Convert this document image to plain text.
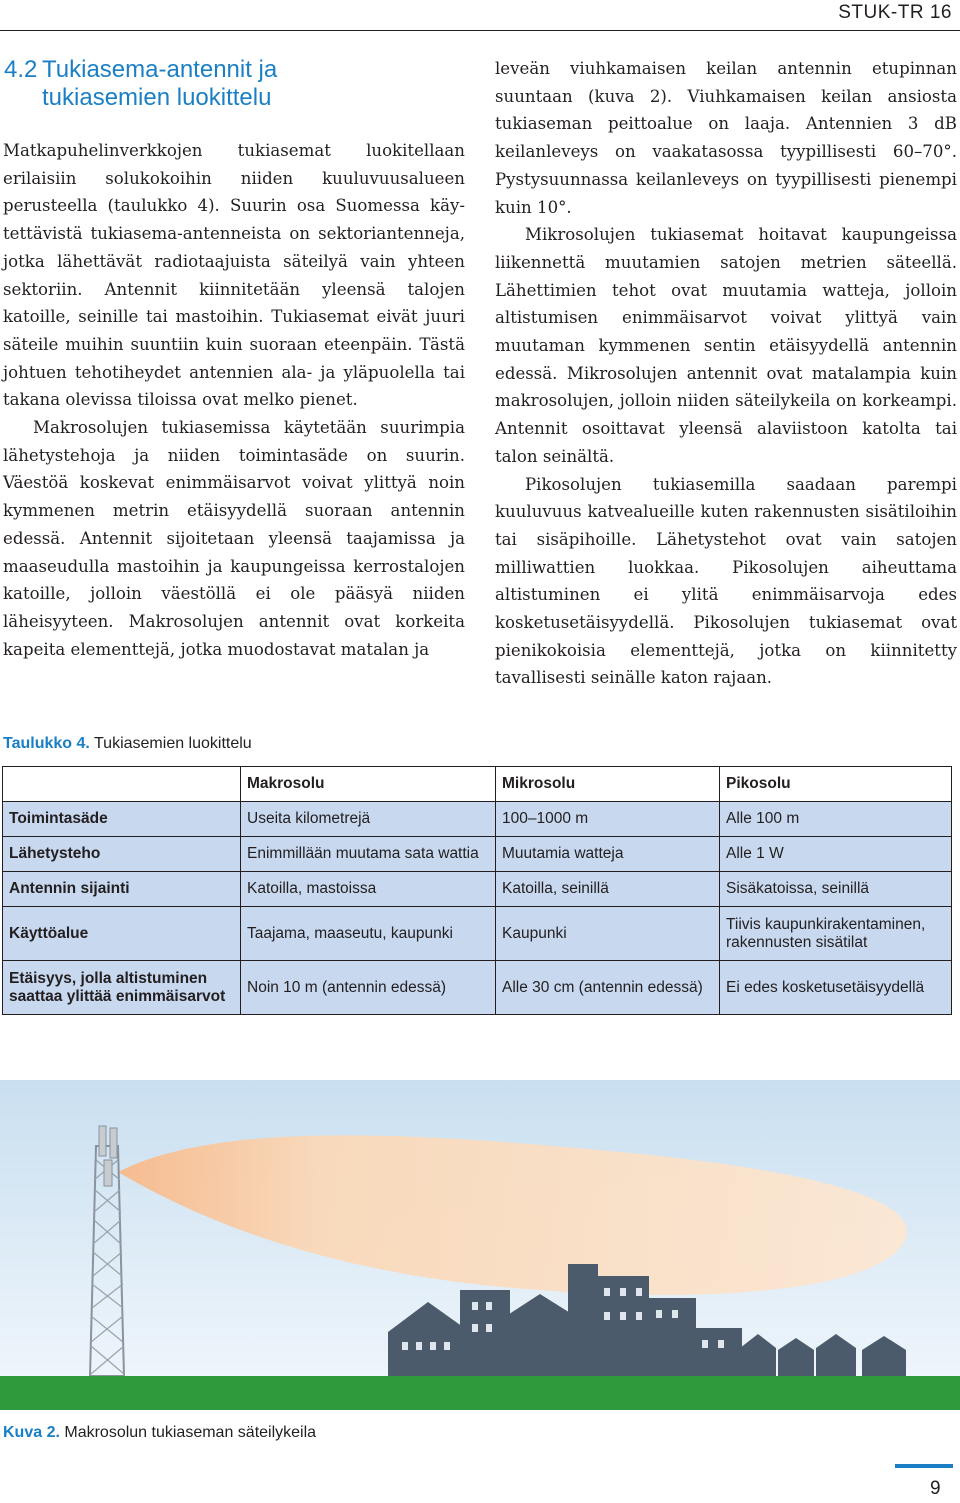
STUK-TR 16
4.2 Tukiasema-antennit ja
tukiasemien luokittelu

Matkapuhelinverkkojen tukiasemat luokitellaan erilaisiin solukokoihin niiden kuuluvuusalueen perusteella (taulukko 4). Suurin osa Suomessa käytettävistä tukiasema-antenneista on sektoriantenneja, jotka lähettävät radiotaajuista säteilyä vain yhteen sektoriin. Antennit kiinnitetään yleensä talojen katoille, seinille tai mastoihin. Tukiasemat eivät juuri säteile muihin suuntiin kuin suoraan eteenpäin. Tästä johtuen tehotiheydet antennien ala- ja yläpuolella tai takana olevissa tiloissa ovat melko pienet.

Makrosolujen tukiasemissa käytetään suurimpia lähetystehoja ja niiden toimintasäde on suurin. Väestöä koskevat enimmäisarvot voivat ylittyä noin kymmenen metrin etäisyydellä suoraan antennin edessä. Antennit sijoitetaan yleensä taajamissa ja maaseudulla mastoihin ja kaupungeissa kerrostalojen katoille, jolloin väestöllä ei ole pääsyä niiden läheisyyteen. Makrosolujen antennit ovat korkeita kapeita elementtejä, jotka muodostavat matalan ja

leveän viuhkamaisen keilan antennin etupinnan suuntaan (kuva 2). Viuhkamaisen keilan ansiosta tukiaseman peittoalue on laaja. Antennien 3 dB keilanleveys on vaakatasossa tyypillisesti 60–70°. Pystysuunnassa keilanleveys on tyypillisesti pienempi kuin 10°.

Mikrosolujen tukiasemat hoitavat kaupungeissa liikennettä muutamien satojen metrien säteellä. Lähettimien tehot ovat muutamia watteja, jolloin altistumisen enimmäisarvot voivat ylittyä vain muutaman kymmenen sentin etäisyydellä antennin edessä. Mikrosolujen antennit ovat matalampia kuin makrosolujen, jolloin niiden säteilykeila on korkeampi. Antennit osoittavat yleensä alaviistoon katolta tai talon seinältä.

Pikosolujen tukiasemilla saadaan parempi kuuluvuus katvealueille kuten rakennusten sisätiloihin tai sisäpihoille. Lähetystehot ovat vain satojen milliwattien luokkaa. Pikosolujen aiheuttama altistuminen ei ylitä enimmäisarvoja edes kosketusetäisyydellä. Pikosolujen tukiasemat ovat pienikokoisia elementtejä, jotka on kiinnitetty tavallisesti seinälle katon rajaan.

Taulukko 4. Tukiasemien luokittelu
	Makrosolu	Mikrosolu	Pikosolu
Toimintasäde	Useita kilometrejä	100–1000 m	Alle 100 m
Lähetysteho	Enimmillään muutama sata wattia	Muutamia watteja	Alle 1 W
Antennin sijainti	Katoilla, mastoissa	Katoilla, seinillä	Sisäkatoissa, seinillä
Käyttöalue	Taajama, maaseutu, kaupunki	Kaupunki	Tiivis kaupunkirakentaminen, rakennusten sisätilat
Etäisyys, jolla altistuminen saattaa ylittää enimmäisarvot	Noin 10 m (antennin edessä)	Alle 30 cm (antennin edessä)	Ei edes kosketusetäisyydellä
Kuva 2. Makrosolun tukiaseman säteilykeila
9
